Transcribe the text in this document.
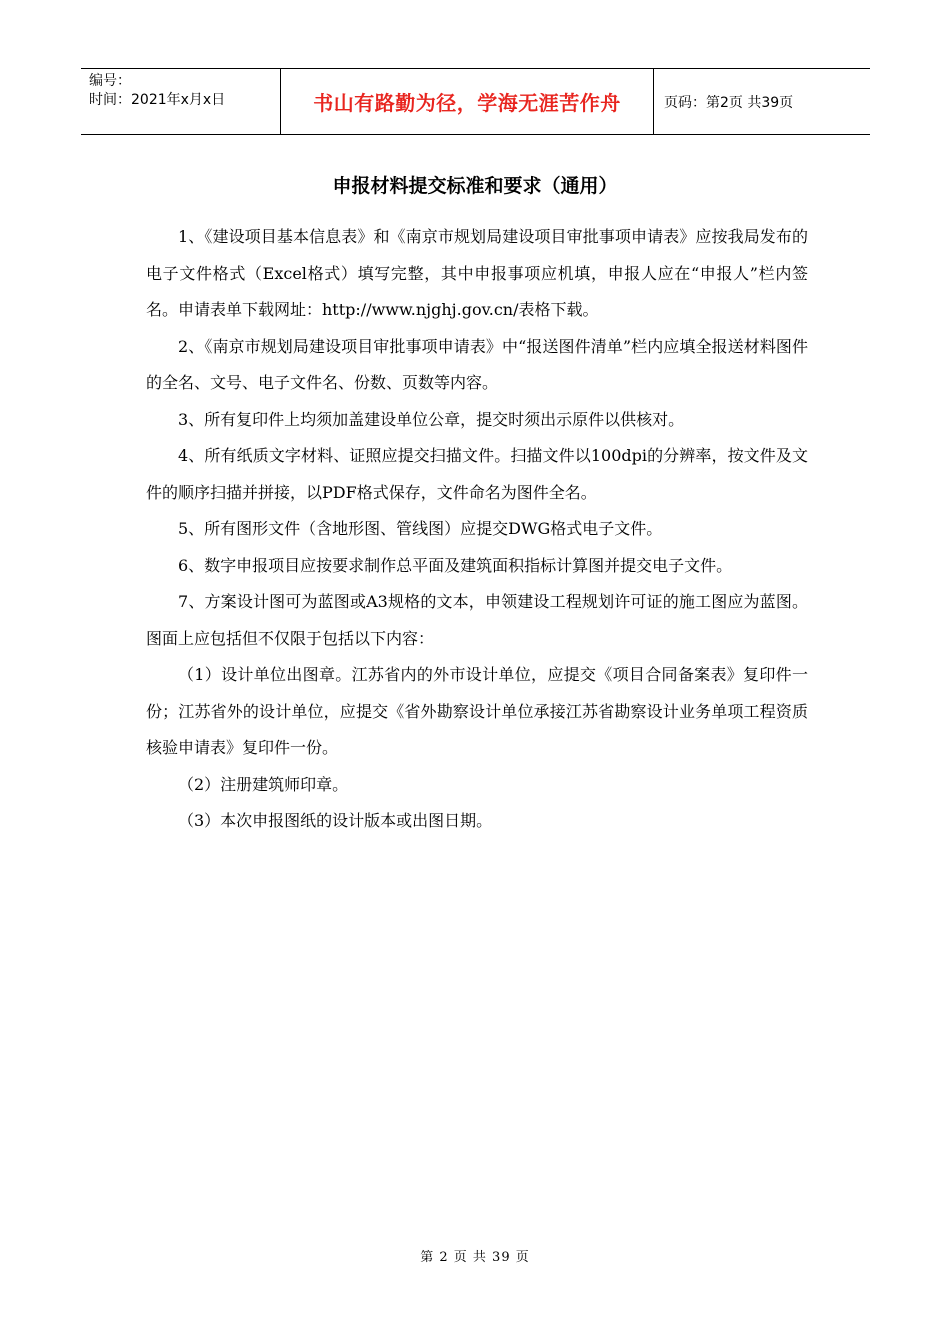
编号：
时间：2021年x月x日	书山有路勤为径，学海无涯苦作舟	页码：第2页 共39页
申报材料提交标准和要求（通用）

1、《建设项目基本信息表》和《南京市规划局建设项目审批事项申请表》应按我局发布的电子文件格式（Excel格式）填写完整，其中申报事项应机填，申报人应在“申报人”栏内签名。申请表单下载网址：http://www.njghj.gov.cn/表格下载。

2、《南京市规划局建设项目审批事项申请表》中“报送图件清单”栏内应填全报送材料图件的全名、文号、电子文件名、份数、页数等内容。

3、所有复印件上均须加盖建设单位公章，提交时须出示原件以供核对。

4、所有纸质文字材料、证照应提交扫描文件。扫描文件以100dpi的分辨率，按文件及文件的顺序扫描并拼接，以PDF格式保存，文件命名为图件全名。

5、所有图形文件（含地形图、管线图）应提交DWG格式电子文件。

6、数字申报项目应按要求制作总平面及建筑面积指标计算图并提交电子文件。

7、方案设计图可为蓝图或A3规格的文本，申领建设工程规划许可证的施工图应为蓝图。图面上应包括但不仅限于包括以下内容：

（1）设计单位出图章。江苏省内的外市设计单位，应提交《项目合同备案表》复印件一份；江苏省外的设计单位，应提交《省外勘察设计单位承接江苏省勘察设计业务单项工程资质核验申请表》复印件一份。

（2）注册建筑师印章。

（3）本次申报图纸的设计版本或出图日期。

第 2 页 共 39 页
